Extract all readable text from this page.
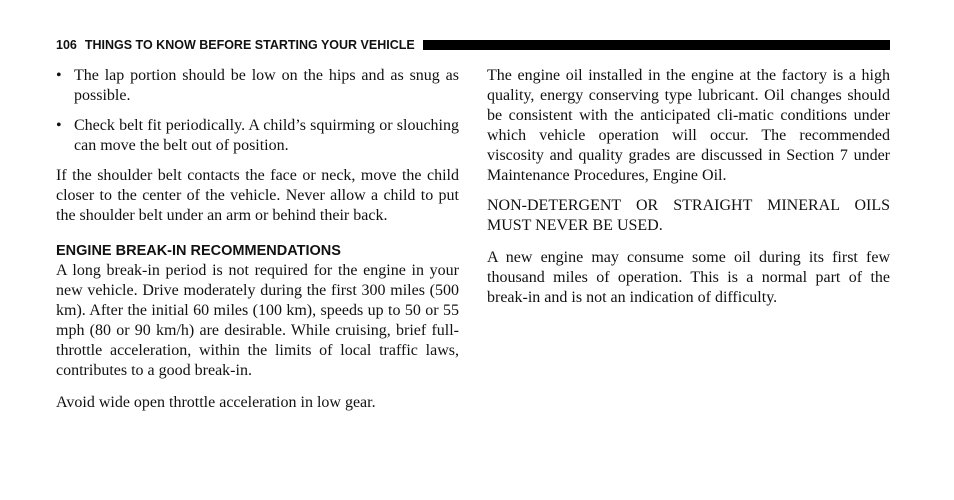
106 THINGS TO KNOW BEFORE STARTING YOUR VEHICLE
• The lap portion should be low on the hips and as snug as possible.
• Check belt fit periodically. A child’s squirming or slouching can move the belt out of position.

If the shoulder belt contacts the face or neck, move the child closer to the center of the vehicle. Never allow a child to put the shoulder belt under an arm or behind their back.

ENGINE BREAK-IN RECOMMENDATIONS

A long break-in period is not required for the engine in your new vehicle. Drive moderately during the first 300 miles (500 km). After the initial 60 miles (100 km), speeds up to 50 or 55 mph (80 or 90 km/h) are desirable. While cruising, brief full-throttle acceleration, within the limits of local traffic laws, contributes to a good break-in.

Avoid wide open throttle acceleration in low gear.

The engine oil installed in the engine at the factory is a high quality, energy conserving type lubricant. Oil changes should be consistent with the anticipated cli-matic conditions under which vehicle operation will occur. The recommended viscosity and quality grades are discussed in Section 7 under Maintenance Procedures, Engine Oil.

NON-DETERGENT OR STRAIGHT MINERAL OILS MUST NEVER BE USED.

A new engine may consume some oil during its first few thousand miles of operation. This is a normal part of the break-in and is not an indication of difficulty.
